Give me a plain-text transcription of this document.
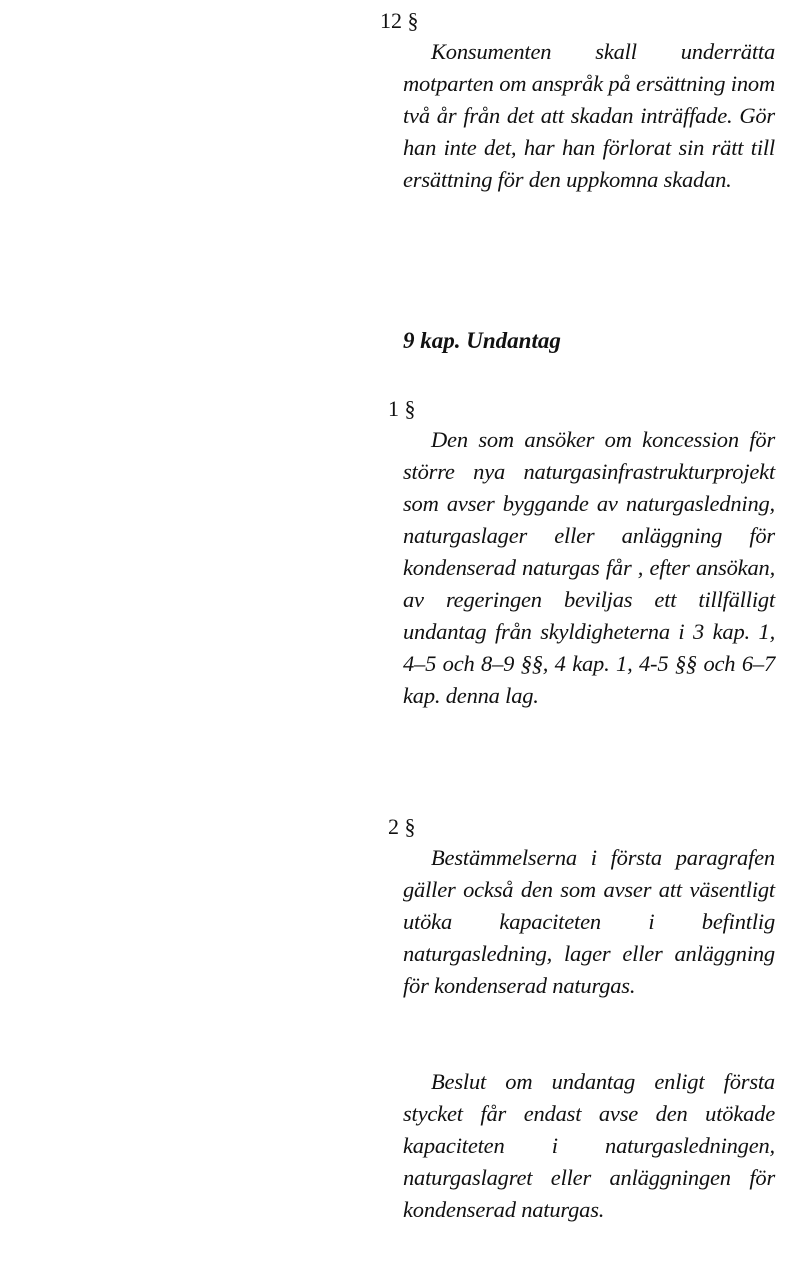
12 §

Konsumenten skall underrätta motparten om anspråk på ersättning inom två år från det att skadan inträffade. Gör han inte det, har han förlorat sin rätt till ersättning för den uppkomna skadan.

9 kap. Undantag
1 §

Den som ansöker om koncession för större nya naturgasinfrastrukturprojekt som avser byggande av naturgasledning, naturgaslager eller anläggning för kondenserad naturgas får , efter ansökan, av regeringen beviljas ett tillfälligt undantag från skyldigheterna i 3 kap. 1, 4–5 och 8–9 §§, 4 kap. 1, 4-5 §§ och 6–7 kap. denna lag.

2 §

Bestämmelserna i första paragrafen gäller också den som avser att väsentligt utöka kapaciteten i befintlig naturgasledning, lager eller anläggning för kondenserad naturgas.

Beslut om undantag enligt första stycket får endast avse den utökade kapaciteten i naturgasledningen, naturgaslagret eller anläggningen för kondenserad naturgas.
